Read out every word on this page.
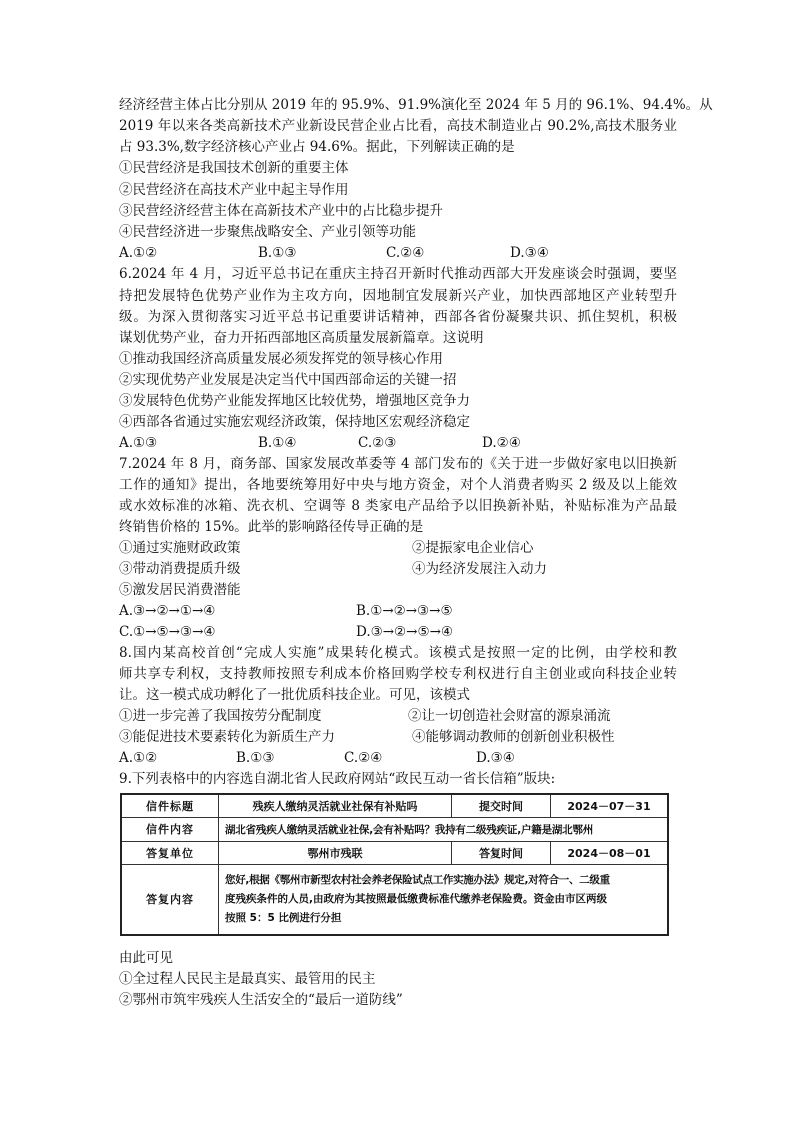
经济经营主体占比分别从 2019 年的 95.9%、91.9%演化至 2024 年 5 月的 96.1%、94.4%。从
2019 年以来各类高新技术产业新设民营企业占比看，高技术制造业占 90.2%,高技术服务业
占 93.3%,数字经济核心产业占 94.6%。据此，下列解读正确的是
①民营经济是我国技术创新的重要主体
②民营经济在高技术产业中起主导作用
③民营经济经营主体在高新技术产业中的占比稳步提升
④民营经济进一步聚焦战略安全、产业引领等功能
A.①②	B.①③	C.②④	D.③④
6.2024 年 4 月，习近平总书记在重庆主持召开新时代推动西部大开发座谈会时强调，要坚
持把发展特色优势产业作为主攻方向，因地制宜发展新兴产业，加快西部地区产业转型升
级。为深入贯彻落实习近平总书记重要讲话精神，西部各省份凝聚共识、抓住契机，积极
谋划优势产业，奋力开拓西部地区高质量发展新篇章。这说明
①推动我国经济高质量发展必须发挥党的领导核心作用
②实现优势产业发展是决定当代中国西部命运的关键一招
③发展特色优势产业能发挥地区比较优势，增强地区竞争力
④西部各省通过实施宏观经济政策，保持地区宏观经济稳定
A.①③	B.①④	C.②③	D.②④
7.2024 年 8 月，商务部、国家发展改革委等 4 部门发布的《关于进一步做好家电以旧换新
工作的通知》提出，各地要统筹用好中央与地方资金，对个人消费者购买 2 级及以上能效
或水效标准的冰箱、洗衣机、空调等 8 类家电产品给予以旧换新补贴，补贴标准为产品最
终销售价格的 15%。此举的影响路径传导正确的是
①通过实施财政政策	②提振家电企业信心
③带动消费提质升级	④为经济发展注入动力
⑤激发居民消费潜能
A.③→②→①→④	B.①→②→③→⑤
C.①→⑤→③→④	D.③→②→⑤→④
8.国内某高校首创“完成人实施”成果转化模式。该模式是按照一定的比例，由学校和教
师共享专利权，支持教师按照专利成本价格回购学校专利权进行自主创业或向科技企业转
让。这一模式成功孵化了一批优质科技企业。可见，该模式
①进一步完善了我国按劳分配制度	②让一切创造社会财富的源泉涌流
③能促进技术要素转化为新质生产力	④能够调动教师的创新创业积极性
A.①②	B.①③	C.②④	D.③④
9.下列表格中的内容选自湖北省人民政府网站“政民互动一省长信箱”版块:
信件标题	残疾人缴纳灵活就业社保有补贴吗	提交时间	2024－07－31
信件内容	湖北省残疾人缴纳灵活就业社保,会有补贴吗？我持有二级残疾证,户籍是湖北鄂州		
答复单位	鄂州市残联	答复时间	2024－08－01
答复内容	您好,根据《鄂州市新型农村社会养老保险试点工作实施办法》规定,对符合一、二级重
度残疾条件的人员,由政府为其按照最低缴费标准代缴养老保险费。资金由市区两级
按照 5：5 比例进行分担		
由此可见
①全过程人民民主是最真实、最管用的民主
②鄂州市筑牢残疾人生活安全的“最后一道防线”
